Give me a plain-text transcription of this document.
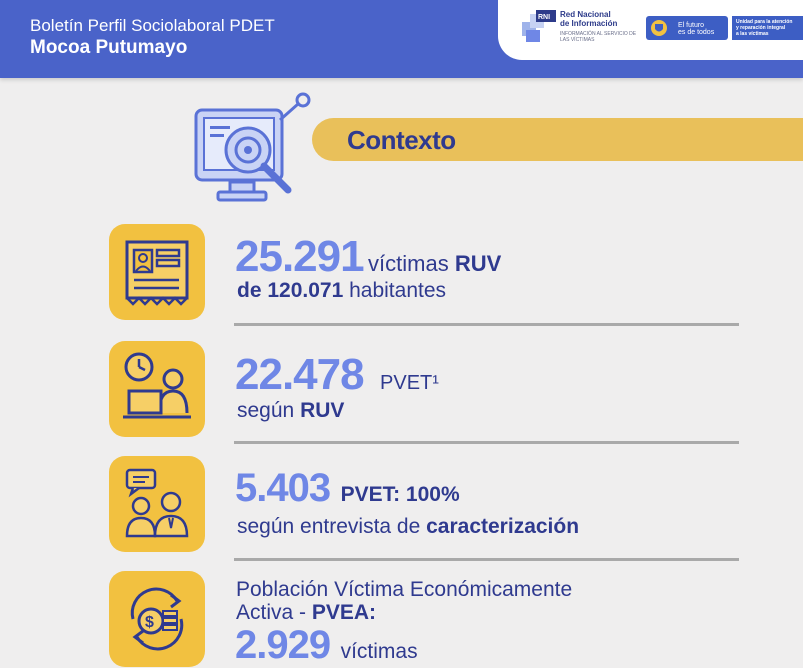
Boletín Perfil Sociolaboral PDET
Mocoa Putumayo
RNI Red Nacional
de Información
INFORMACIÓN AL SERVICIO DE LAS VÍCTIMAS
El futuro
es de todos
Unidad para la atención
y reparación integral
a las víctimas
Contexto
25.291 víctimas RUV
de 120.071 habitantes
22.478 PVET¹
según RUV
5.403 PVET: 100%
según entrevista de caracterización
$
Población Víctima Económicamente
Activa - PVEA:
2.929 víctimas
